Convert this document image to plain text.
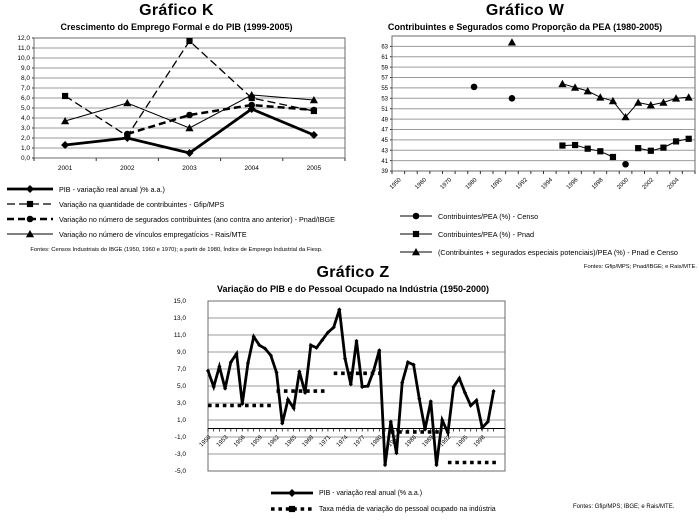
Gráfico K
Crescimento do Emprego Formal e do PIB (1999-2005)
0,0
1,0
2,0
3,0
4,0
5,0
6,0
7,0
8,0
9,0
10,0
11,0
12,0
2001	2002	2003	2004	2005
PIB - variação real anual )% a.a.)
Variação na quantidade de contribuintes - Gfip/MPS
Variação no número de segurados contribuintes (ano contra ano anterior) - Pnad/IBGE
Variação no número de vínculos empregatícios - Rais/MTE
Fontes: Censos Industriais do IBGE (1950, 1960 e 1970); a partir de 1980, Índice de Emprego Industrial da Fiesp.
Gráfico W
Contribuintes e Segurados como Proporção da PEA (1980-2005)
39
41
43
45
47
49
51
53
55
57
59
61
63
1950 1960 1970 1980 1990 1992 1994 1996 1998 2000 2002 2004
Contribuintes/PEA (%) - Censo
Contribuintes/PEA (%) - Pnad
(Contribuintes + segurados especiais potenciais)/PEA (%) - Pnad e Censo
Fontes: Gfip/MPS; Pnad/IBGE; e Rais/MTE.
Gráfico Z
Variação do PIB e do Pessoal Ocupado na Indústria (1950-2000)
-5,0
-3,0
-1,0
1,0
3,0
5,0
7,0
9,0
11,0
13,0
15,0
1950 1953 1956 1959 1962 1965 1968 1971 1974 1977 1980 1983 1986 1989 1992 1995 1998
PIB - variação real anual (% a.a.)
Taxa média de variação do pessoal ocupado na indústria	Fontes: Gfip/MPS; IBGE; e Rais/MTE.
